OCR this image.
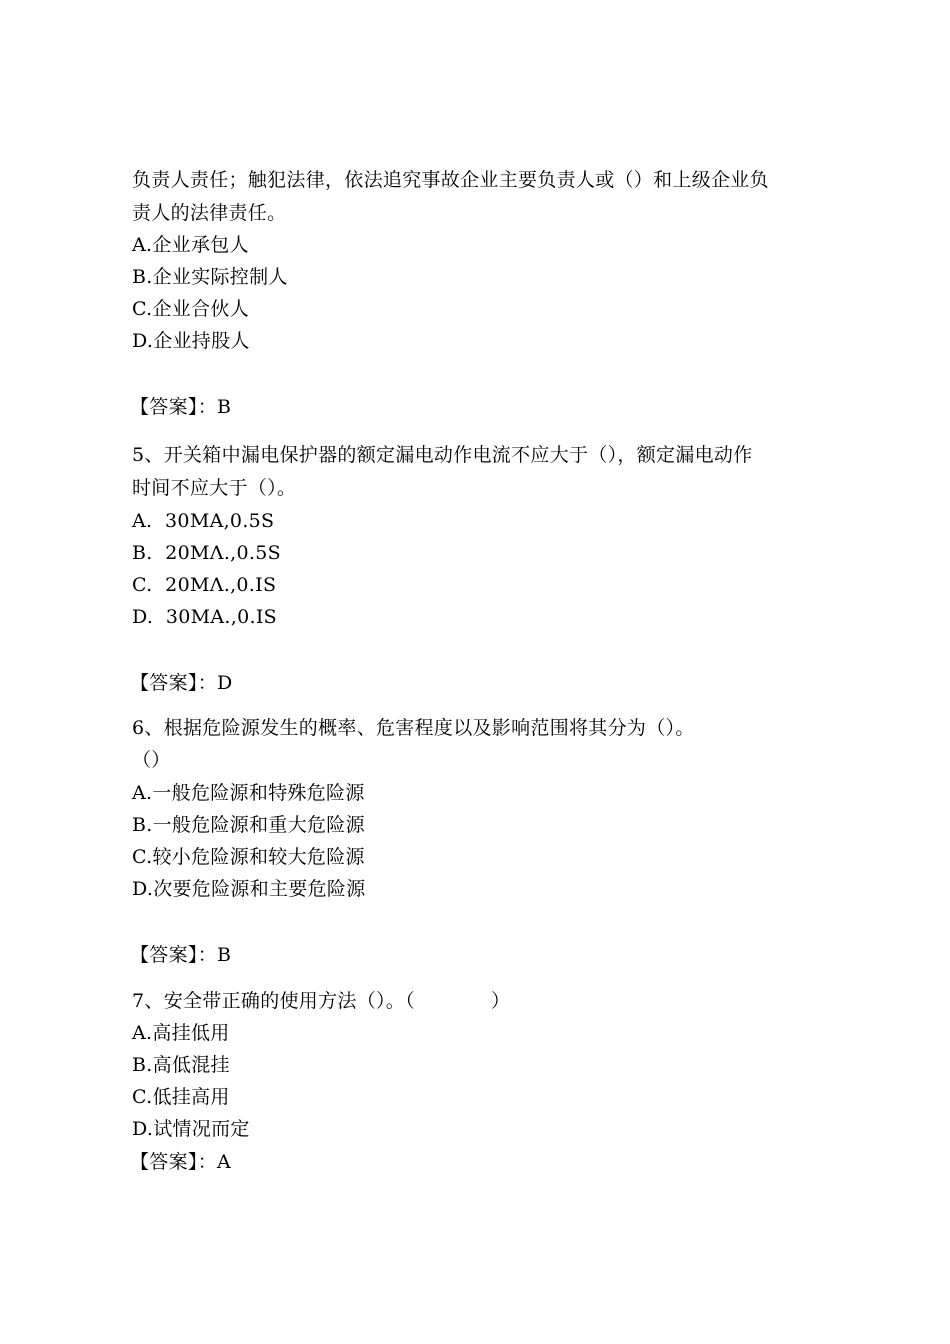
负责人责任；触犯法律，依法追究事故企业主要负责人或（）和上级企业负
责人的法律责任。
A.企业承包人
B.企业实际控制人
C.企业合伙人
D.企业持股人
【答案】：B
5、开关箱中漏电保护器的额定漏电动作电流不应大于（），额定漏电动作
时间不应大于（）。
A.  30MA,0.5S
B.  20MΛ.,0.5S
C.  20MΛ.,0.IS
D.  30MA.,0.IS
【答案】：D
6、根据危险源发生的概率、危害程度以及影响范围将其分为（）。
（）
A.一般危险源和特殊危险源
B.一般危险源和重大危险源
C.较小危险源和较大危险源
D.次要危险源和主要危险源
【答案】：B
7、安全带正确的使用方法（）。（            ）
A.高挂低用
B.高低混挂
C.低挂高用
D.试情况而定
【答案】：A
